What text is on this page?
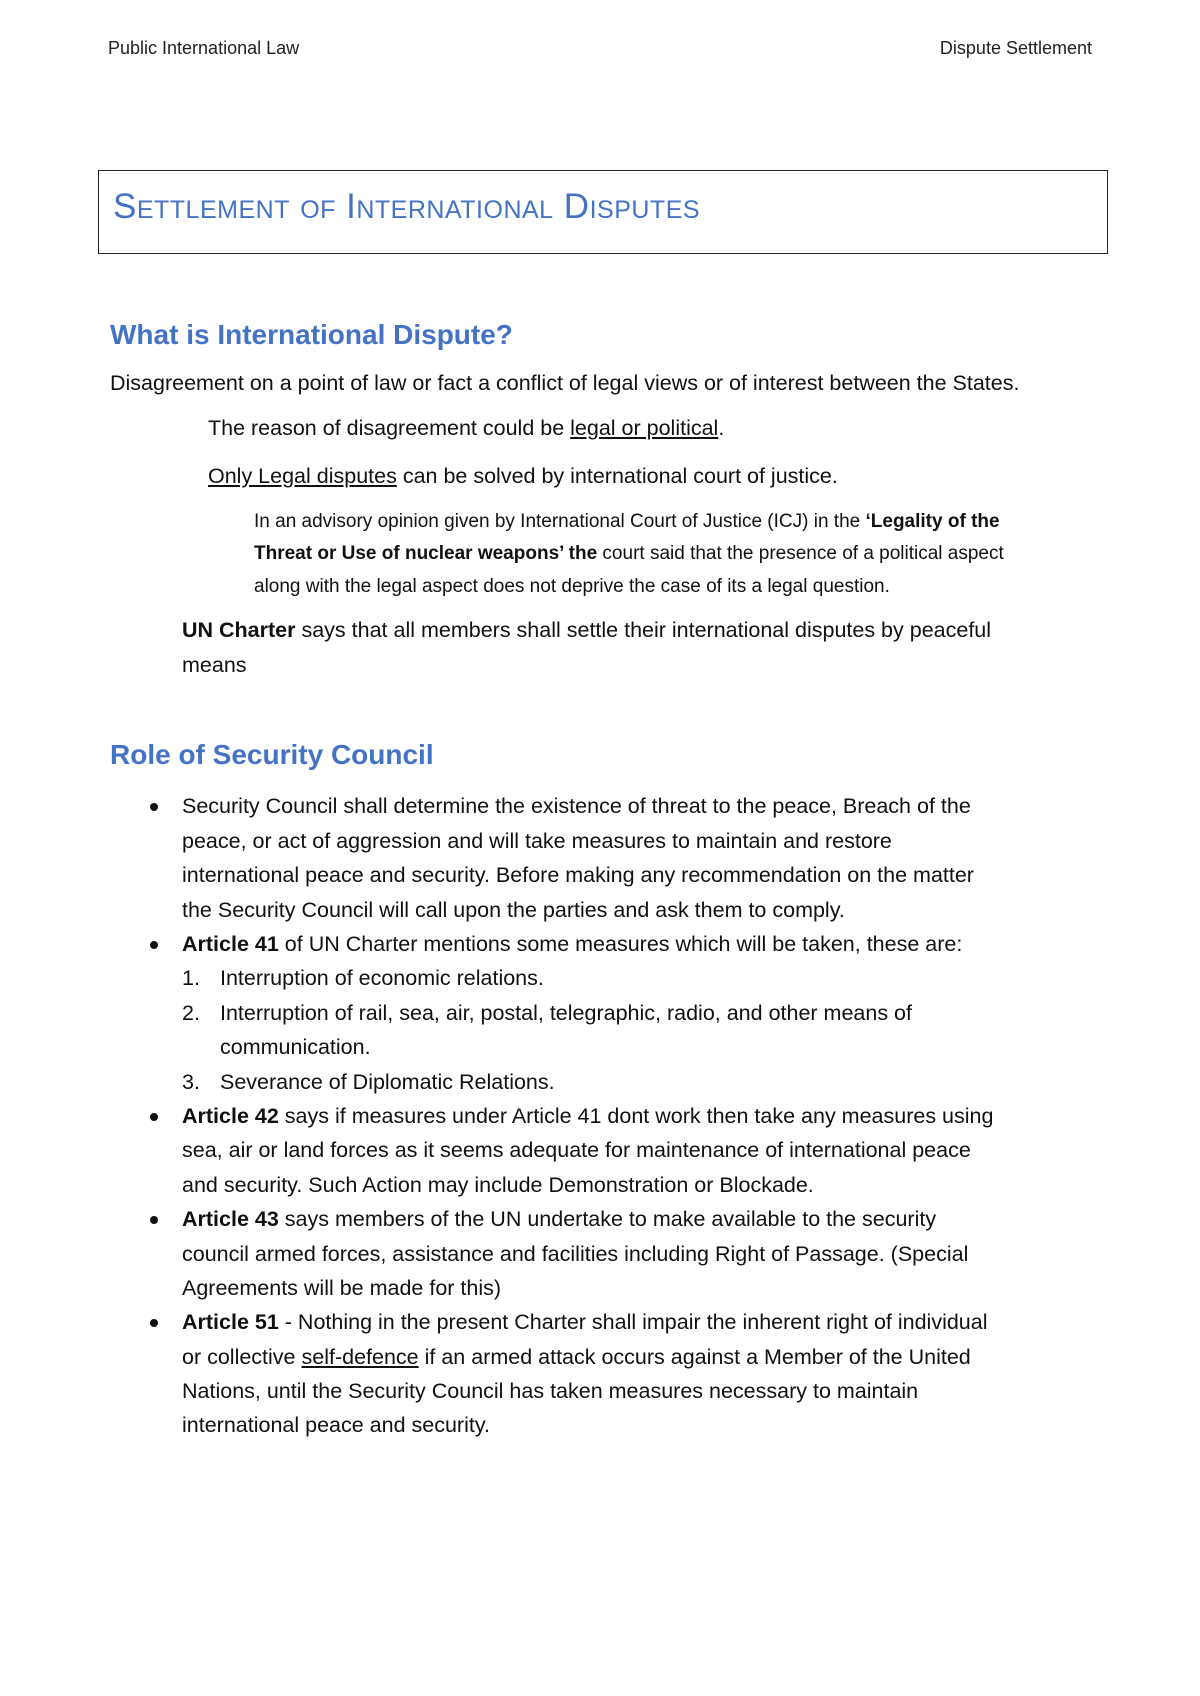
Public International Law	Dispute Settlement
Settlement of International Disputes
What is International Dispute?

Disagreement on a point of law or fact a conflict of legal views or of interest between the States.

The reason of disagreement could be legal or political.

Only Legal disputes can be solved by international court of justice.

In an advisory opinion given by International Court of Justice (ICJ) in the ‘Legality of the Threat or Use of nuclear weapons’ the court said that the presence of a political aspect along with the legal aspect does not deprive the case of its a legal question.

UN Charter says that all members shall settle their international disputes by peaceful means

Role of Security Council
Security Council shall determine the existence of threat to the peace, Breach of the peace, or act of aggression and will take measures to maintain and restore international peace and security. Before making any recommendation on the matter the Security Council will call upon the parties and ask them to comply.
Article 41 of UN Charter mentions some measures which will be taken, these are:
1. Interruption of economic relations.
2. Interruption of rail, sea, air, postal, telegraphic, radio, and other means of communication.
3. Severance of Diplomatic Relations.
Article 42 says if measures under Article 41 dont work then take any measures using sea, air or land forces as it seems adequate for maintenance of international peace and security. Such Action may include Demonstration or Blockade.
Article 43 says members of the UN undertake to make available to the security council armed forces, assistance and facilities including Right of Passage. (Special Agreements will be made for this)
Article 51 - Nothing in the present Charter shall impair the inherent right of individual or collective self-defence if an armed attack occurs against a Member of the United Nations, until the Security Council has taken measures necessary to maintain international peace and security.
